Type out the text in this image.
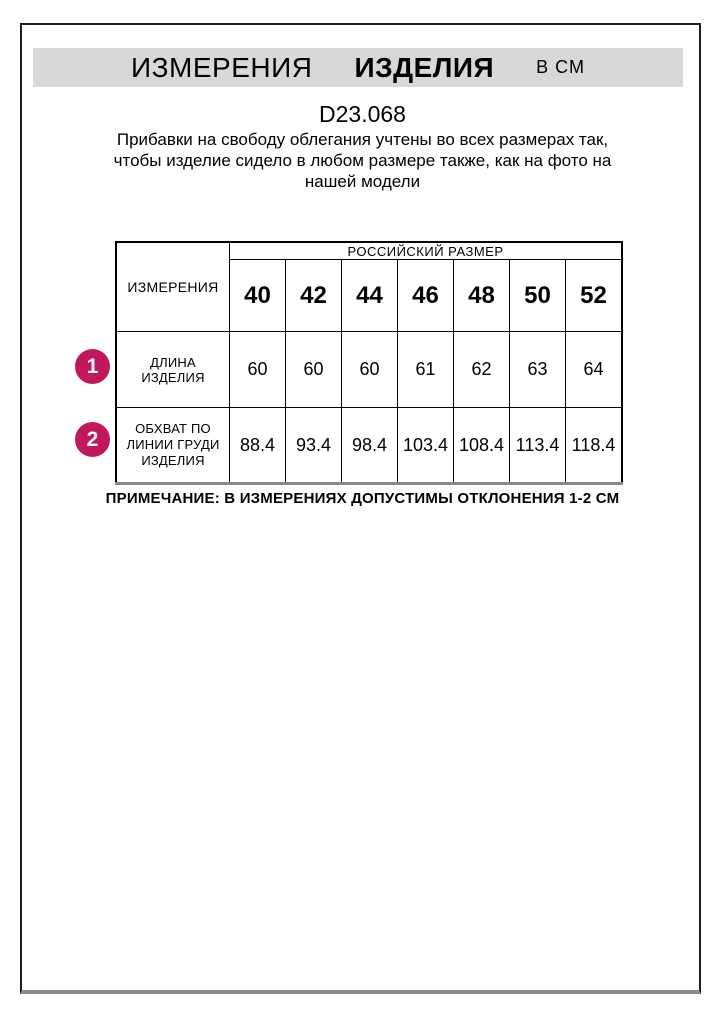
ИЗМЕРЕНИЯ ИЗДЕЛИЯ В СМ
D23.068
Прибавки на свободу облегания учтены во всех размерах так,
чтобы изделие сидело в любом размере также, как на фото на
нашей модели
ИЗМЕРЕНИЯ	РОССИЙСКИЙ РАЗМЕР						
	40	42	44	46	48	50	52
ДЛИНА ИЗДЕЛИЯ	60	60	60	61	62	63	64
ОБХВАТ ПО ЛИНИИ ГРУДИ ИЗДЕЛИЯ	88.4	93.4	98.4	103.4	108.4	113.4	118.4
1
2
ПРИМЕЧАНИЕ: В ИЗМЕРЕНИЯХ ДОПУСТИМЫ ОТКЛОНЕНИЯ 1-2 СМ
